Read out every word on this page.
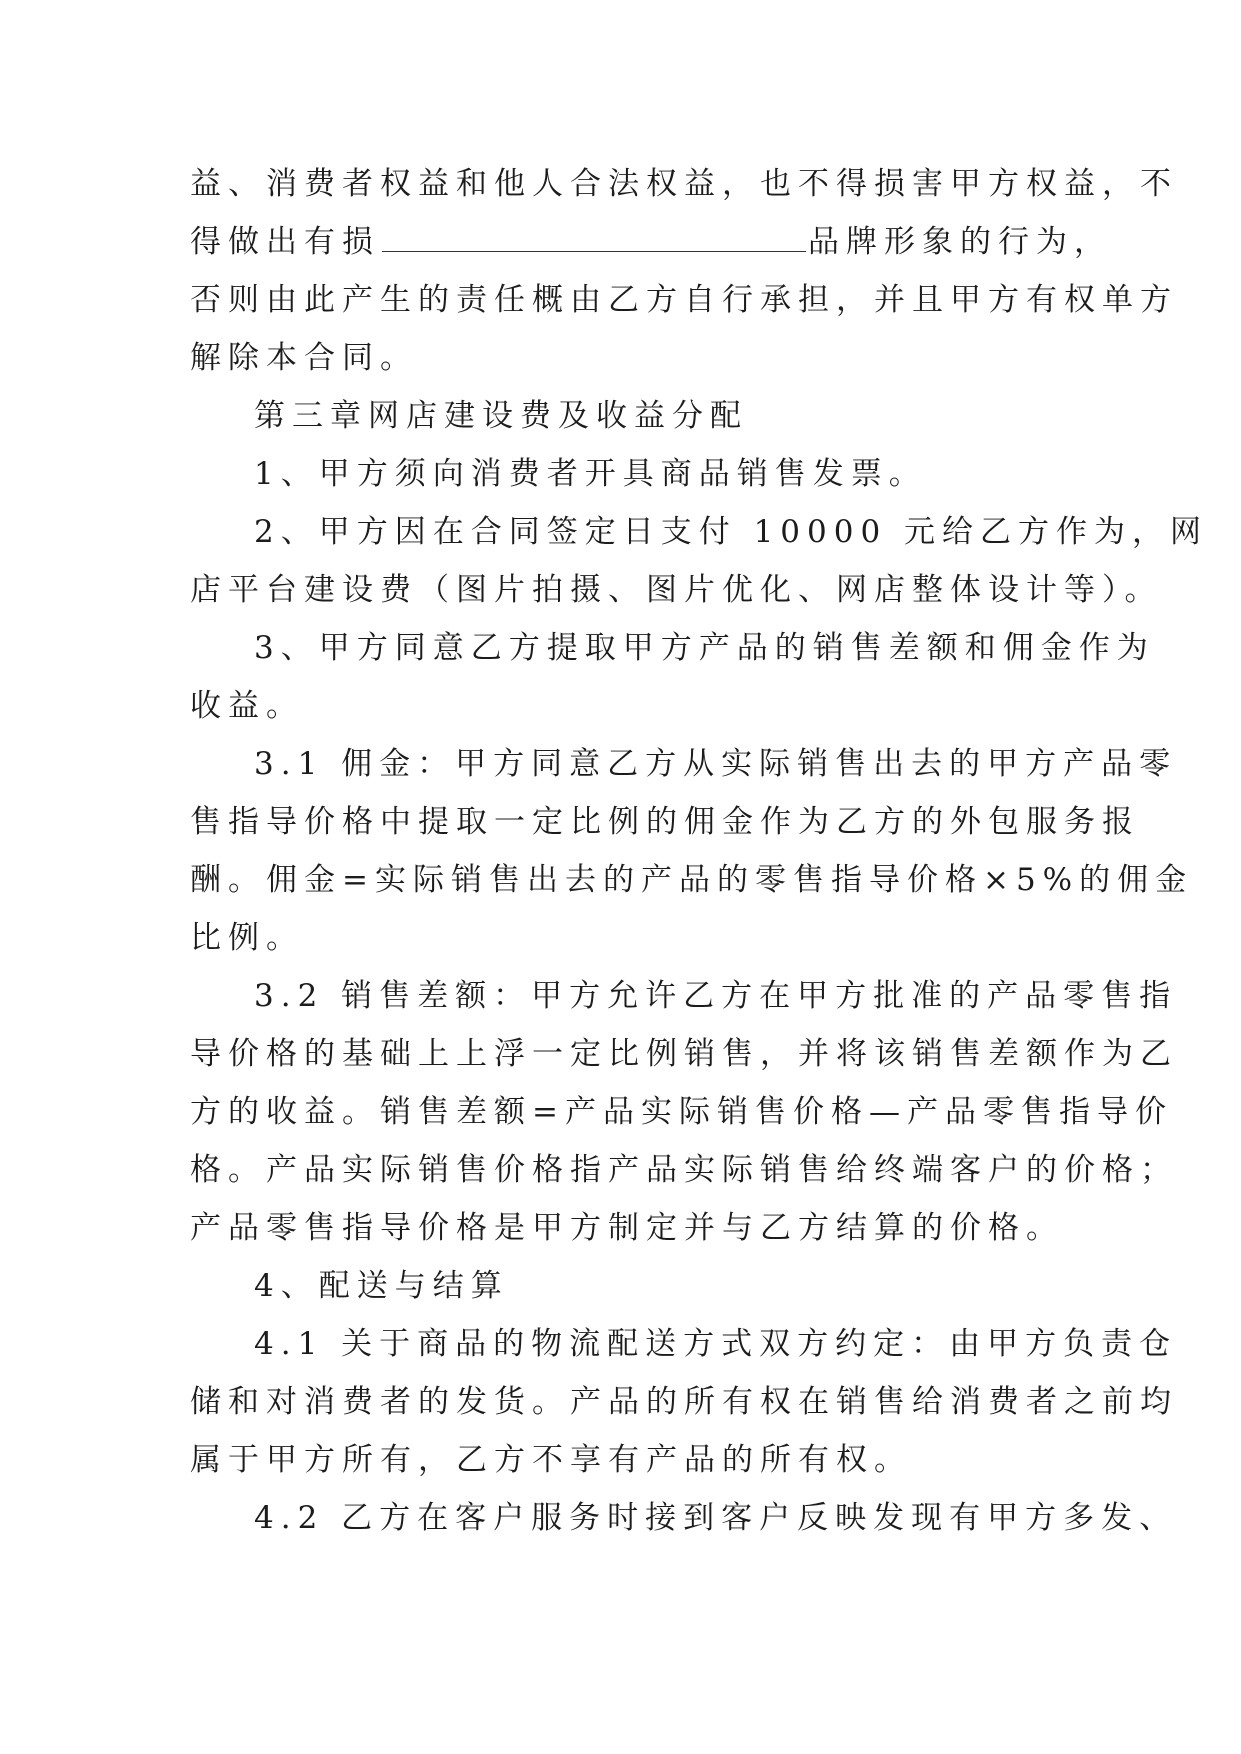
益、消费者权益和他人合法权益，也不得损害甲方权益，不
得做出有损	品牌形象的行为，
否则由此产生的责任概由乙方自行承担，并且甲方有权单方
解除本合同。
第三章网店建设费及收益分配
1、甲方须向消费者开具商品销售发票。
2、甲方因在合同签定日支付 10000 元给乙方作为，网
店平台建设费（图片拍摄、图片优化、网店整体设计等）。
3、甲方同意乙方提取甲方产品的销售差额和佣金作为
收益。
3.1 佣金：甲方同意乙方从实际销售出去的甲方产品零
售指导价格中提取一定比例的佣金作为乙方的外包服务报
酬。佣金=实际销售出去的产品的零售指导价格×5%的佣金
比例。
3.2 销售差额：甲方允许乙方在甲方批准的产品零售指
导价格的基础上上浮一定比例销售，并将该销售差额作为乙
方的收益。销售差额=产品实际销售价格—产品零售指导价
格。产品实际销售价格指产品实际销售给终端客户的价格；
产品零售指导价格是甲方制定并与乙方结算的价格。
4、配送与结算
4.1 关于商品的物流配送方式双方约定：由甲方负责仓
储和对消费者的发货。产品的所有权在销售给消费者之前均
属于甲方所有，乙方不享有产品的所有权。
4.2 乙方在客户服务时接到客户反映发现有甲方多发、
